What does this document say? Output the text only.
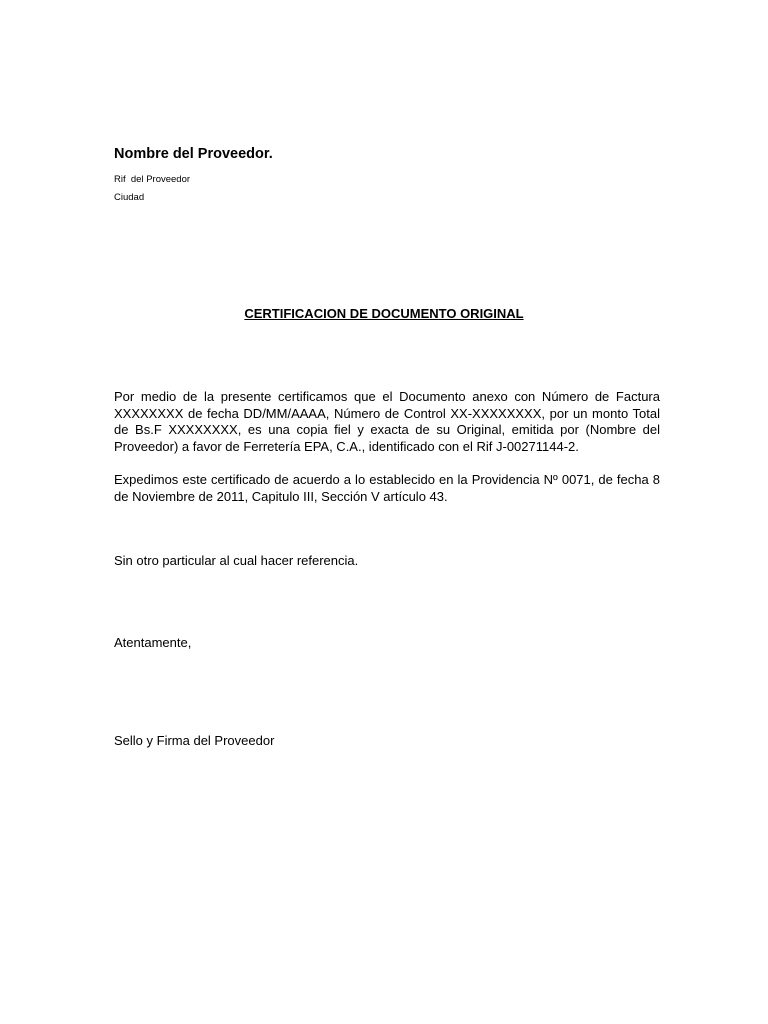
Nombre del Proveedor.

Rif  del Proveedor

Ciudad

CERTIFICACION DE DOCUMENTO ORIGINAL

Por medio de la presente certificamos que el Documento anexo con Número de Factura XXXXXXXX de fecha DD/MM/AAAA, Número de Control XX-XXXXXXXX, por un monto Total de Bs.F XXXXXXXX, es una copia fiel y exacta de su Original, emitida por (Nombre del Proveedor) a favor de Ferretería EPA, C.A., identificado con el Rif J-00271144-2.

Expedimos este certificado de acuerdo a lo establecido en la Providencia Nº 0071, de fecha 8 de Noviembre de 2011, Capitulo III, Sección V artículo 43.

Sin otro particular al cual hacer referencia.

Atentamente,

Sello y Firma del Proveedor
